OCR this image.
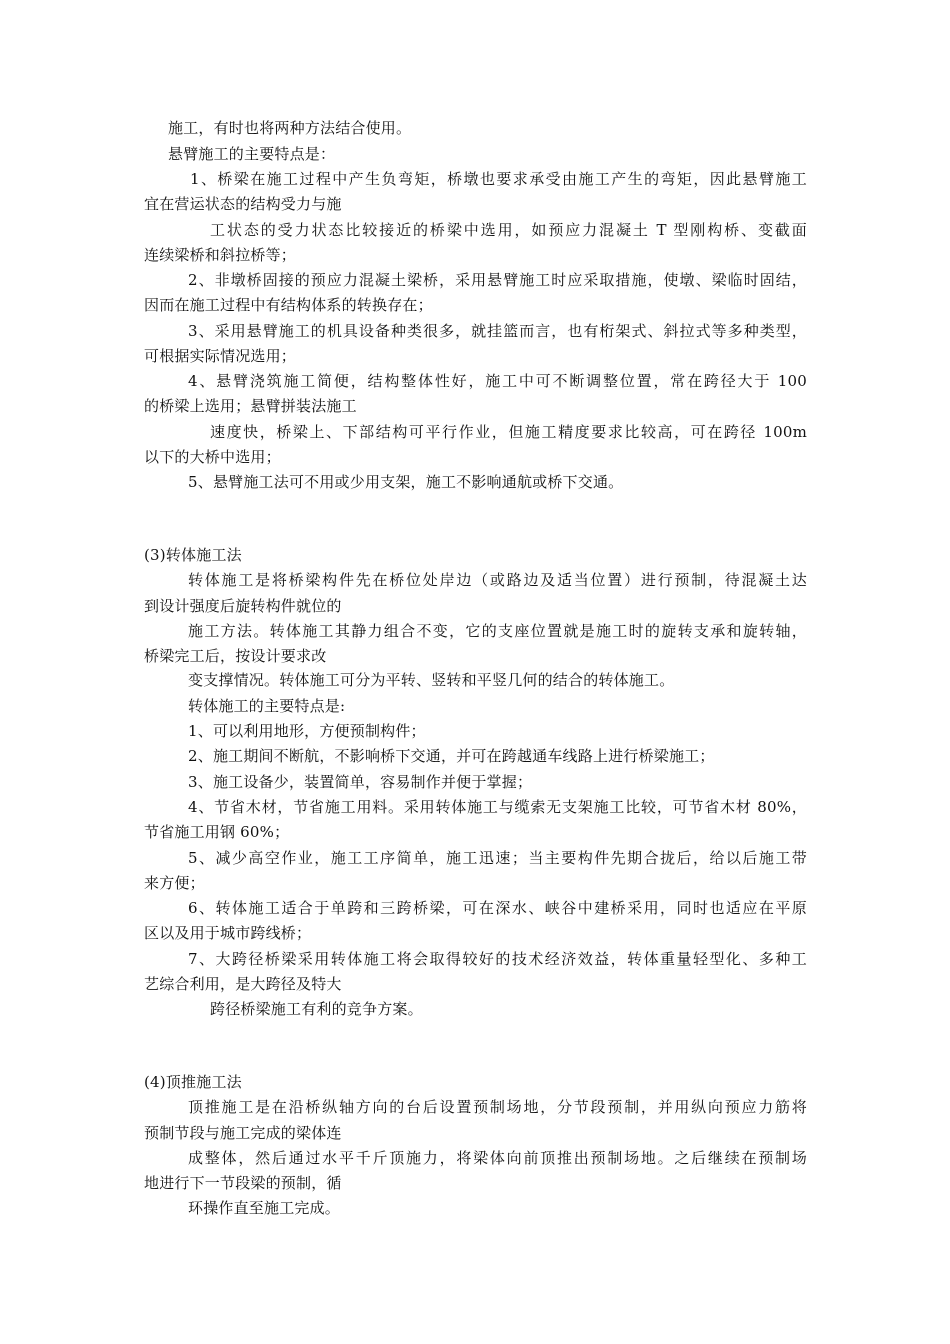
施工，有时也将两种方法结合使用。
悬臂施工的主要特点是：
1、桥梁在施工过程中产生负弯矩，桥墩也要求承受由施工产生的弯矩，因此悬臂施工
宜在营运状态的结构受力与施
工状态的受力状态比较接近的桥梁中选用，如预应力混凝土 T 型刚构桥、变截面
连续梁桥和斜拉桥等；
2、非墩桥固接的预应力混凝土梁桥，采用悬臂施工时应采取措施，使墩、梁临时固结，
因而在施工过程中有结构体系的转换存在；
3、采用悬臂施工的机具设备种类很多，就挂篮而言，也有桁架式、斜拉式等多种类型，
可根据实际情况选用；
4、悬臂浇筑施工简便，结构整体性好，施工中可不断调整位置，常在跨径大于 100
的桥梁上选用；悬臂拼装法施工
速度快，桥梁上、下部结构可平行作业，但施工精度要求比较高，可在跨径 100m
以下的大桥中选用；
5、悬臂施工法可不用或少用支架，施工不影响通航或桥下交通。
(3)转体施工法
转体施工是将桥梁构件先在桥位处岸边（或路边及适当位置）进行预制，待混凝土达
到设计强度后旋转构件就位的
施工方法。转体施工其静力组合不变，它的支座位置就是施工时的旋转支承和旋转轴，
桥梁完工后，按设计要求改
变支撑情况。转体施工可分为平转、竖转和平竖几何的结合的转体施工。
转体施工的主要特点是:
1、可以利用地形，方便预制构件；
2、施工期间不断航，不影响桥下交通，并可在跨越通车线路上进行桥梁施工；
3、施工设备少，装置简单，容易制作并便于掌握；
4、节省木材，节省施工用料。采用转体施工与缆索无支架施工比较，可节省木材 80%，
节省施工用钢 60%；
5、减少高空作业，施工工序简单，施工迅速；当主要构件先期合拢后，给以后施工带
来方便；
6、转体施工适合于单跨和三跨桥梁，可在深水、峡谷中建桥采用，同时也适应在平原
区以及用于城市跨线桥；
7、大跨径桥梁采用转体施工将会取得较好的技术经济效益，转体重量轻型化、多种工
艺综合利用，是大跨径及特大
跨径桥梁施工有利的竞争方案。
(4)顶推施工法
顶推施工是在沿桥纵轴方向的台后设置预制场地，分节段预制，并用纵向预应力筋将
预制节段与施工完成的梁体连
成整体，然后通过水平千斤顶施力，将梁体向前顶推出预制场地。之后继续在预制场
地进行下一节段梁的预制，循
环操作直至施工完成。
